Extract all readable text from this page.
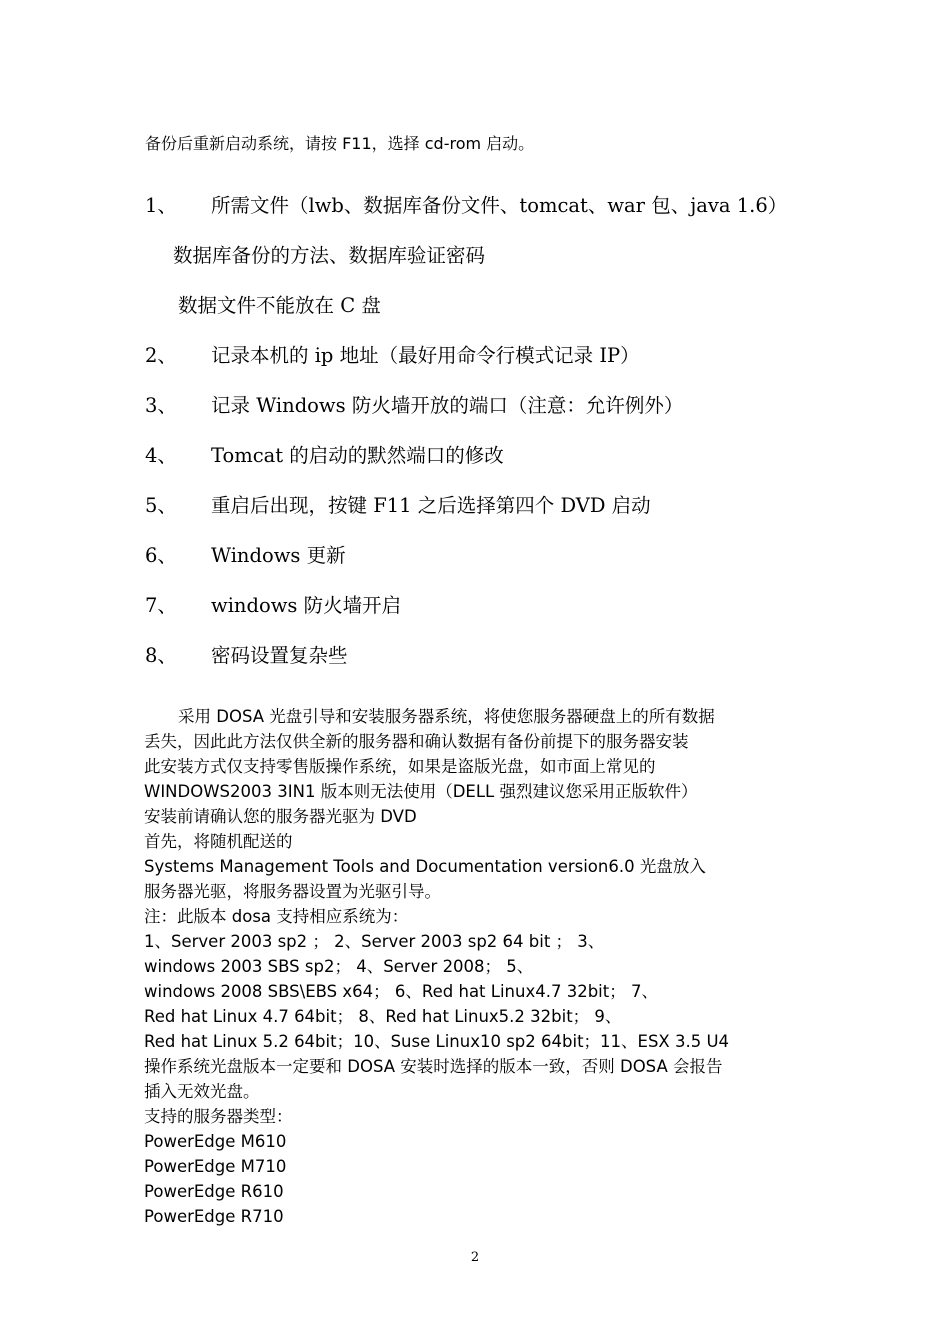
备份后重新启动系统，请按 F11，选择 cd-rom 启动。
1、 所需文件（lwb、数据库备份文件、tomcat、war 包、java 1.6）
数据库备份的方法、数据库验证密码
数据文件不能放在 C 盘
2、 记录本机的 ip 地址（最好用命令行模式记录 IP）
3、 记录 Windows 防火墙开放的端口（注意：允许例外）
4、 Tomcat 的启动的默然端口的修改
5、 重启后出现，按键 F11 之后选择第四个 DVD 启动
6、 Windows 更新
7、 windows 防火墙开启
8、 密码设置复杂些
采用 DOSA 光盘引导和安装服务器系统，将使您服务器硬盘上的所有数据
丢失，因此此方法仅供全新的服务器和确认数据有备份前提下的服务器安装
此安装方式仅支持零售版操作系统，如果是盗版光盘，如市面上常见的
WINDOWS2003 3IN1 版本则无法使用（DELL 强烈建议您采用正版软件）
安装前请确认您的服务器光驱为 DVD
首先，将随机配送的
Systems Management Tools and Documentation version6.0 光盘放入
服务器光驱，将服务器设置为光驱引导。
注：此版本 dosa 支持相应系统为：
1、Server 2003 sp2 ； 2、Server 2003 sp2 64 bit ； 3、
windows 2003 SBS sp2； 4、Server 2008； 5、
windows 2008 SBS\EBS x64； 6、Red hat Linux4.7 32bit； 7、
Red hat Linux 4.7 64bit； 8、Red hat Linux5.2 32bit； 9、
Red hat Linux 5.2 64bit；10、Suse Linux10 sp2 64bit；11、ESX 3.5 U4
操作系统光盘版本一定要和 DOSA 安装时选择的版本一致，否则 DOSA 会报告
插入无效光盘。
支持的服务器类型：
PowerEdge M610
PowerEdge M710
PowerEdge R610
PowerEdge R710
2
